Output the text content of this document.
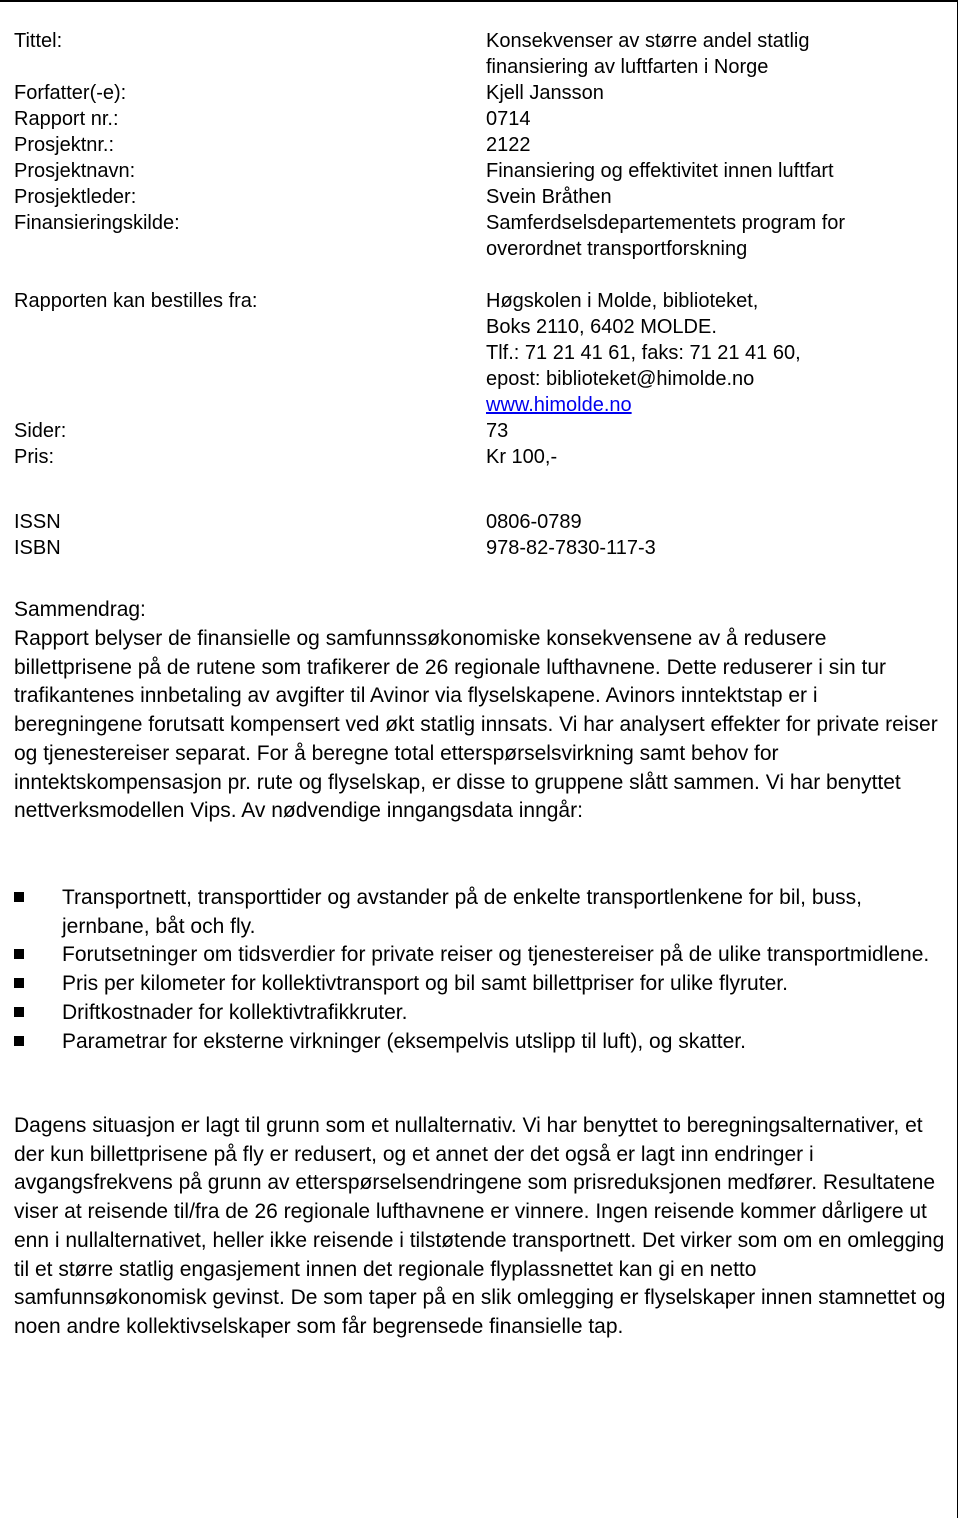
Tittel:	Konsekvenser av større andel statlig
finansiering av luftfarten i Norge
Forfatter(-e):	Kjell Jansson
Rapport nr.:	0714
Prosjektnr.:	2122
Prosjektnavn:	Finansiering og effektivitet innen luftfart
Prosjektleder:	Svein Bråthen
Finansieringskilde:	Samferdselsdepartementets program for
overordnet transportforskning
Rapporten kan bestilles fra:	Høgskolen i Molde, biblioteket,
Boks 2110, 6402 MOLDE.
Tlf.: 71 21 41 61, faks: 71 21 41 60,
epost: biblioteket@himolde.no
www.himolde.no
Sider:	73
Pris:	Kr 100,-
ISSN	0806-0789
ISBN	978-82-7830-117-3
Sammendrag:
Rapport belyser de finansielle og samfunnssøkonomiske konsekvensene av å redusere billettprisene på de rutene som trafikerer de 26 regionale lufthavnene. Dette reduserer i sin tur trafikantenes innbetaling av avgifter til Avinor via flyselskapene. Avinors inntektstap er i beregningene forutsatt kompensert ved økt statlig innsats. Vi har analysert effekter for private reiser og tjenestereiser separat. For å beregne total etterspørselsvirkning samt behov for inntektskompensasjon pr. rute og flyselskap, er disse to gruppene slått sammen. Vi har benyttet nettverksmodellen Vips. Av nødvendige inngangsdata inngår:
Transportnett, transporttider og avstander på de enkelte transportlenkene for bil, buss, jernbane, båt och fly.
Forutsetninger om tidsverdier for private reiser og tjenestereiser på de ulike transportmidlene.
Pris per kilometer for kollektivtransport og bil samt billettpriser for ulike flyruter.
Driftkostnader for kollektivtrafikkruter.
Parametrar for eksterne virkninger (eksempelvis utslipp til luft), og skatter.
Dagens situasjon er lagt til grunn som et nullalternativ. Vi har benyttet to beregningsalternativer, et der kun billettprisene på fly er redusert, og et annet der det også er lagt inn endringer i avgangsfrekvens på grunn av etterspørselsendringene som prisreduksjonen medfører. Resultatene viser at reisende til/fra de 26 regionale lufthavnene er vinnere. Ingen reisende kommer dårligere ut enn i nullalternativet, heller ikke reisende i tilstøtende transportnett. Det virker som om en omlegging til et større statlig engasjement innen det regionale flyplassnettet kan gi en netto samfunnsøkonomisk gevinst. De som taper på en slik omlegging er flyselskaper innen stamnettet og noen andre kollektivselskaper som får begrensede finansielle tap.
